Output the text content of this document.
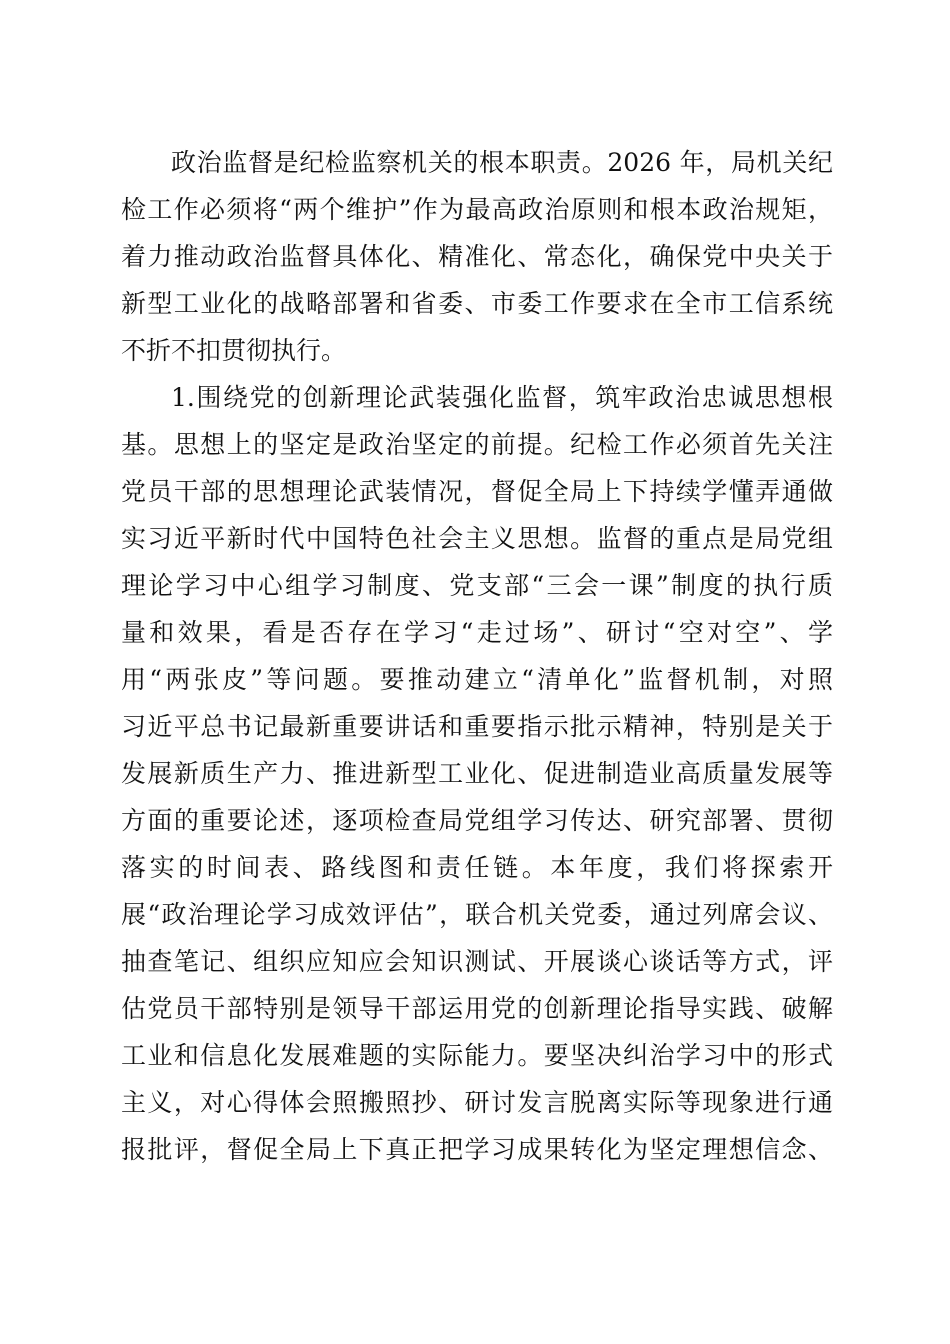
政治监督是纪检监察机关的根本职责。2026 年，局机关纪
检工作必须将“两个维护”作为最高政治原则和根本政治规矩，
着力推动政治监督具体化、精准化、常态化，确保党中央关于
新型工业化的战略部署和省委、市委工作要求在全市工信系统
不折不扣贯彻执行。
1.围绕党的创新理论武装强化监督，筑牢政治忠诚思想根
基。思想上的坚定是政治坚定的前提。纪检工作必须首先关注
党员干部的思想理论武装情况，督促全局上下持续学懂弄通做
实习近平新时代中国特色社会主义思想。监督的重点是局党组
理论学习中心组学习制度、党支部“三会一课”制度的执行质
量和效果，看是否存在学习“走过场”、研讨“空对空”、学
用“两张皮”等问题。要推动建立“清单化”监督机制，对照
习近平总书记最新重要讲话和重要指示批示精神，特别是关于
发展新质生产力、推进新型工业化、促进制造业高质量发展等
方面的重要论述，逐项检查局党组学习传达、研究部署、贯彻
落实的时间表、路线图和责任链。本年度，我们将探索开
展“政治理论学习成效评估”，联合机关党委，通过列席会议、
抽查笔记、组织应知应会知识测试、开展谈心谈话等方式，评
估党员干部特别是领导干部运用党的创新理论指导实践、破解
工业和信息化发展难题的实际能力。要坚决纠治学习中的形式
主义，对心得体会照搬照抄、研讨发言脱离实际等现象进行通
报批评，督促全局上下真正把学习成果转化为坚定理想信念、
